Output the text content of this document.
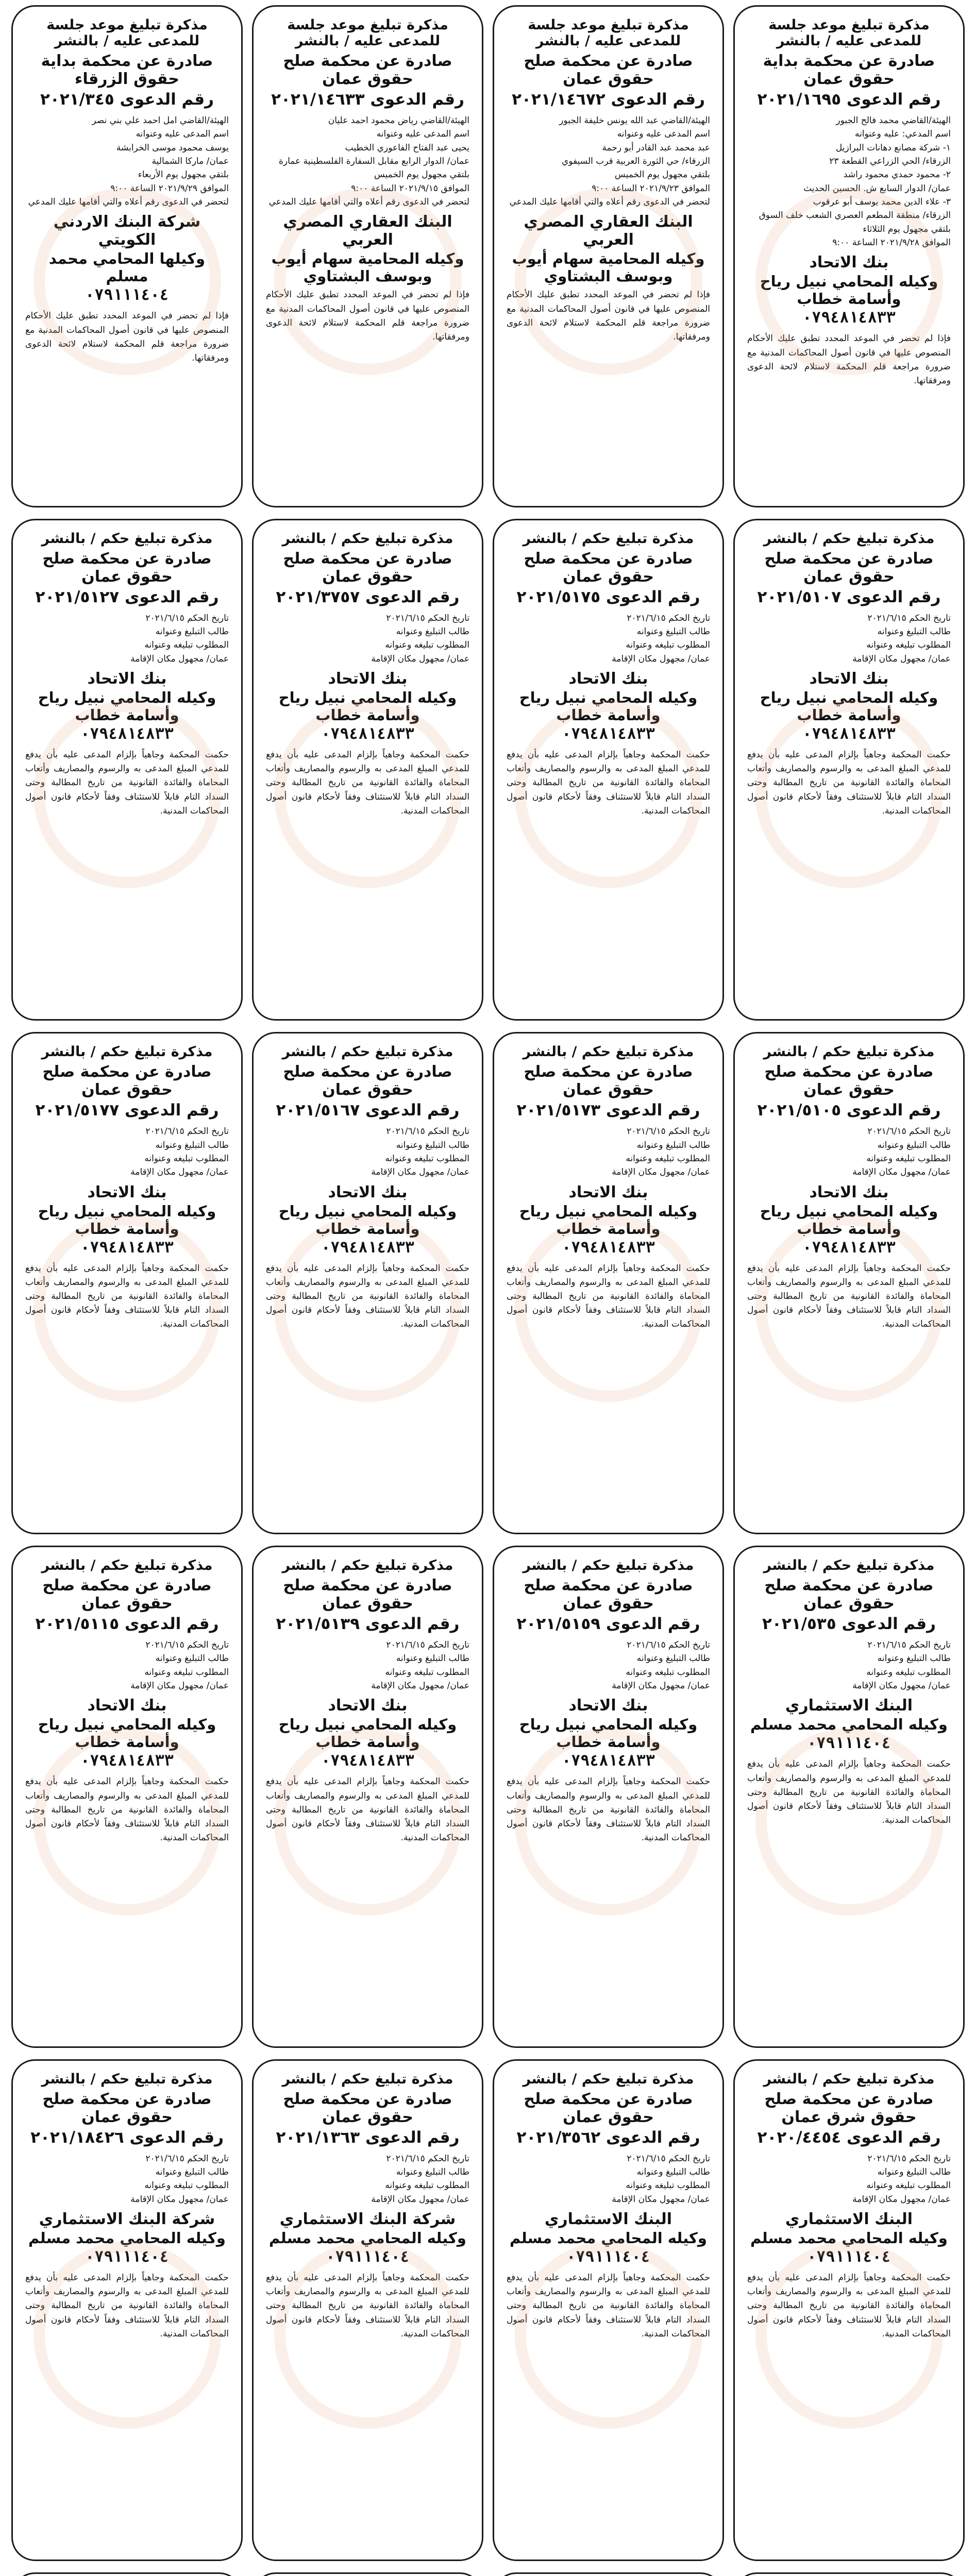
مذكرة تبليغ موعد جلسة للمدعى عليه / بالنشر
صادرة عن محكمة بداية حقوق عمان
رقم الدعوى ٢٠٢١/١٦٩٥

الهيئة/القاضي محمد فالح الجبور

اسم المدعي: عليه وعنوانه

١- شركة مصانع دهانات البرازيل

الزرقاء/ الحي الزراعي القطعة ٢٣

٢- محمود حمدي محمود راشد

عمان/ الدوار السابع ش. الحسين الحديث

٣- علاء الدين محمد يوسف أبو عرقوب

الزرقاء/ منطقة المطعم العصري الشعب خلف السوق

بلتقي مجهول يوم الثلاثاء

الموافق ٢٠٢١/٩/٢٨ الساعة ٩:٠٠

بنك الاتحاد
وكيله المحامي نبيل رياح وأسامة خطاب
٠٧٩٤٨١٤٨٣٣

فإذا لم تحضر في الموعد المحدد تطبق عليك الأحكام المنصوص عليها في قانون أصول المحاكمات المدنية مع ضرورة مراجعة قلم المحكمة لاستلام لائحة الدعوى ومرفقاتها.

مذكرة تبليغ موعد جلسة للمدعى عليه / بالنشر
صادرة عن محكمة صلح حقوق عمان
رقم الدعوى ٢٠٢١/١٤٦٧٢

الهيئة/القاضي عبد الله يونس خليفة الجبور

اسم المدعى عليه وعنوانه

عبد محمد عبد القادر أبو رحمة

الزرقاء/ حي الثورة العربية قرب السيفوي

بلتقي مجهول يوم الخميس

الموافق ٢٠٢١/٩/٢٣ الساعة ٩:٠٠

لتحضر في الدعوى رقم أعلاه والتي أقامها عليك المدعي

البنك العقاري المصري العربي
وكيله المحامية سهام أيوب وبوسف البشتاوي

فإذا لم تحضر في الموعد المحدد تطبق عليك الأحكام المنصوص عليها في قانون أصول المحاكمات المدنية مع ضرورة مراجعة قلم المحكمة لاستلام لائحة الدعوى ومرفقاتها.

مذكرة تبليغ موعد جلسة للمدعى عليه / بالنشر
صادرة عن محكمة صلح حقوق عمان
رقم الدعوى ٢٠٢١/١٤٦٣٣

الهيئة/القاضي رياض محمود احمد عليان

اسم المدعى عليه وعنوانه

يحيى عبد الفتاح الفاعوري الخطيب

عمان/ الدوار الرابع مقابل السفارة الفلسطينية عمارة

بلتقي مجهول يوم الخميس

الموافق ٢٠٢١/٩/١٥ الساعة ٩:٠٠

لتحضر في الدعوى رقم أعلاه والتي أقامها عليك المدعي

البنك العقاري المصري العربي
وكيله المحامية سهام أيوب وبوسف البشتاوي

فإذا لم تحضر في الموعد المحدد تطبق عليك الأحكام المنصوص عليها في قانون أصول المحاكمات المدنية مع ضرورة مراجعة قلم المحكمة لاستلام لائحة الدعوى ومرفقاتها.

مذكرة تبليغ موعد جلسة للمدعى عليه / بالنشر
صادرة عن محكمة بداية حقوق الزرقاء
رقم الدعوى ٢٠٢١/٣٤٥

الهيئة/القاضي امل احمد علي بني نصر

اسم المدعى عليه وعنوانه

يوسف محمود موسى الخرابشة

عمان/ ماركا الشمالية

بلتقي مجهول يوم الأربعاء

الموافق ٢٠٢١/٩/٢٩ الساعة ٩:٠٠

لتحضر في الدعوى رقم أعلاه والتي أقامها عليك المدعي

شركة البنك الاردني الكويتي
وكيلها المحامي محمد مسلم
٠٧٩١١١٤٠٤

فإذا لم تحضر في الموعد المحدد تطبق عليك الأحكام المنصوص عليها في قانون أصول المحاكمات المدنية مع ضرورة مراجعة قلم المحكمة لاستلام لائحة الدعوى ومرفقاتها.

مذكرة تبليغ حكم / بالنشر
صادرة عن محكمة صلح حقوق عمان
رقم الدعوى ٢٠٢١/٥١٠٧

تاريخ الحكم ٢٠٢١/٦/١٥

طالب التبليغ وعنوانه

المطلوب تبليغه وعنوانه

عمان/ مجهول مكان الإقامة

بنك الاتحاد
وكيله المحامي نبيل رياح وأسامة خطاب
٠٧٩٤٨١٤٨٣٣

حكمت المحكمة وجاهياً بإلزام المدعى عليه بأن يدفع للمدعي المبلغ المدعى به والرسوم والمصاريف وأتعاب المحاماة والفائدة القانونية من تاريخ المطالبة وحتى السداد التام قابلاً للاستئناف وفقاً لأحكام قانون أصول المحاكمات المدنية.

مذكرة تبليغ حكم / بالنشر
صادرة عن محكمة صلح حقوق عمان
رقم الدعوى ٢٠٢١/٥١٧٥

تاريخ الحكم ٢٠٢١/٦/١٥

طالب التبليغ وعنوانه

المطلوب تبليغه وعنوانه

عمان/ مجهول مكان الإقامة

بنك الاتحاد
وكيله المحامي نبيل رياح وأسامة خطاب
٠٧٩٤٨١٤٨٣٣

حكمت المحكمة وجاهياً بإلزام المدعى عليه بأن يدفع للمدعي المبلغ المدعى به والرسوم والمصاريف وأتعاب المحاماة والفائدة القانونية من تاريخ المطالبة وحتى السداد التام قابلاً للاستئناف وفقاً لأحكام قانون أصول المحاكمات المدنية.

مذكرة تبليغ حكم / بالنشر
صادرة عن محكمة صلح حقوق عمان
رقم الدعوى ٢٠٢١/٣٧٥٧

تاريخ الحكم ٢٠٢١/٦/١٥

طالب التبليغ وعنوانه

المطلوب تبليغه وعنوانه

عمان/ مجهول مكان الإقامة

بنك الاتحاد
وكيله المحامي نبيل رياح وأسامة خطاب
٠٧٩٤٨١٤٨٣٣

حكمت المحكمة وجاهياً بإلزام المدعى عليه بأن يدفع للمدعي المبلغ المدعى به والرسوم والمصاريف وأتعاب المحاماة والفائدة القانونية من تاريخ المطالبة وحتى السداد التام قابلاً للاستئناف وفقاً لأحكام قانون أصول المحاكمات المدنية.

مذكرة تبليغ حكم / بالنشر
صادرة عن محكمة صلح حقوق عمان
رقم الدعوى ٢٠٢١/٥١٢٧

تاريخ الحكم ٢٠٢١/٦/١٥

طالب التبليغ وعنوانه

المطلوب تبليغه وعنوانه

عمان/ مجهول مكان الإقامة

بنك الاتحاد
وكيله المحامي نبيل رياح وأسامة خطاب
٠٧٩٤٨١٤٨٣٣

حكمت المحكمة وجاهياً بإلزام المدعى عليه بأن يدفع للمدعي المبلغ المدعى به والرسوم والمصاريف وأتعاب المحاماة والفائدة القانونية من تاريخ المطالبة وحتى السداد التام قابلاً للاستئناف وفقاً لأحكام قانون أصول المحاكمات المدنية.

مذكرة تبليغ حكم / بالنشر
صادرة عن محكمة صلح حقوق عمان
رقم الدعوى ٢٠٢١/٥١٠٥

تاريخ الحكم ٢٠٢١/٦/١٥

طالب التبليغ وعنوانه

المطلوب تبليغه وعنوانه

عمان/ مجهول مكان الإقامة

بنك الاتحاد
وكيله المحامي نبيل رياح وأسامة خطاب
٠٧٩٤٨١٤٨٣٣

حكمت المحكمة وجاهياً بإلزام المدعى عليه بأن يدفع للمدعي المبلغ المدعى به والرسوم والمصاريف وأتعاب المحاماة والفائدة القانونية من تاريخ المطالبة وحتى السداد التام قابلاً للاستئناف وفقاً لأحكام قانون أصول المحاكمات المدنية.

مذكرة تبليغ حكم / بالنشر
صادرة عن محكمة صلح حقوق عمان
رقم الدعوى ٢٠٢١/٥١٧٣

تاريخ الحكم ٢٠٢١/٦/١٥

طالب التبليغ وعنوانه

المطلوب تبليغه وعنوانه

عمان/ مجهول مكان الإقامة

بنك الاتحاد
وكيله المحامي نبيل رياح وأسامة خطاب
٠٧٩٤٨١٤٨٣٣

حكمت المحكمة وجاهياً بإلزام المدعى عليه بأن يدفع للمدعي المبلغ المدعى به والرسوم والمصاريف وأتعاب المحاماة والفائدة القانونية من تاريخ المطالبة وحتى السداد التام قابلاً للاستئناف وفقاً لأحكام قانون أصول المحاكمات المدنية.

مذكرة تبليغ حكم / بالنشر
صادرة عن محكمة صلح حقوق عمان
رقم الدعوى ٢٠٢١/٥١٦٧

تاريخ الحكم ٢٠٢١/٦/١٥

طالب التبليغ وعنوانه

المطلوب تبليغه وعنوانه

عمان/ مجهول مكان الإقامة

بنك الاتحاد
وكيله المحامي نبيل رياح وأسامة خطاب
٠٧٩٤٨١٤٨٣٣

حكمت المحكمة وجاهياً بإلزام المدعى عليه بأن يدفع للمدعي المبلغ المدعى به والرسوم والمصاريف وأتعاب المحاماة والفائدة القانونية من تاريخ المطالبة وحتى السداد التام قابلاً للاستئناف وفقاً لأحكام قانون أصول المحاكمات المدنية.

مذكرة تبليغ حكم / بالنشر
صادرة عن محكمة صلح حقوق عمان
رقم الدعوى ٢٠٢١/٥١٧٧

تاريخ الحكم ٢٠٢١/٦/١٥

طالب التبليغ وعنوانه

المطلوب تبليغه وعنوانه

عمان/ مجهول مكان الإقامة

بنك الاتحاد
وكيله المحامي نبيل رياح وأسامة خطاب
٠٧٩٤٨١٤٨٣٣

حكمت المحكمة وجاهياً بإلزام المدعى عليه بأن يدفع للمدعي المبلغ المدعى به والرسوم والمصاريف وأتعاب المحاماة والفائدة القانونية من تاريخ المطالبة وحتى السداد التام قابلاً للاستئناف وفقاً لأحكام قانون أصول المحاكمات المدنية.

مذكرة تبليغ حكم / بالنشر
صادرة عن محكمة صلح حقوق عمان
رقم الدعوى ٢٠٢١/٥٣٥

تاريخ الحكم ٢٠٢١/٦/١٥

طالب التبليغ وعنوانه

المطلوب تبليغه وعنوانه

عمان/ مجهول مكان الإقامة

البنك الاستثماري
وكيله المحامي محمد مسلم
٠٧٩١١١٤٠٤

حكمت المحكمة وجاهياً بإلزام المدعى عليه بأن يدفع للمدعي المبلغ المدعى به والرسوم والمصاريف وأتعاب المحاماة والفائدة القانونية من تاريخ المطالبة وحتى السداد التام قابلاً للاستئناف وفقاً لأحكام قانون أصول المحاكمات المدنية.

مذكرة تبليغ حكم / بالنشر
صادرة عن محكمة صلح حقوق عمان
رقم الدعوى ٢٠٢١/٥١٥٩

تاريخ الحكم ٢٠٢١/٦/١٥

طالب التبليغ وعنوانه

المطلوب تبليغه وعنوانه

عمان/ مجهول مكان الإقامة

بنك الاتحاد
وكيله المحامي نبيل رياح وأسامة خطاب
٠٧٩٤٨١٤٨٣٣

حكمت المحكمة وجاهياً بإلزام المدعى عليه بأن يدفع للمدعي المبلغ المدعى به والرسوم والمصاريف وأتعاب المحاماة والفائدة القانونية من تاريخ المطالبة وحتى السداد التام قابلاً للاستئناف وفقاً لأحكام قانون أصول المحاكمات المدنية.

مذكرة تبليغ حكم / بالنشر
صادرة عن محكمة صلح حقوق عمان
رقم الدعوى ٢٠٢١/٥١٣٩

تاريخ الحكم ٢٠٢١/٦/١٥

طالب التبليغ وعنوانه

المطلوب تبليغه وعنوانه

عمان/ مجهول مكان الإقامة

بنك الاتحاد
وكيله المحامي نبيل رياح وأسامة خطاب
٠٧٩٤٨١٤٨٣٣

حكمت المحكمة وجاهياً بإلزام المدعى عليه بأن يدفع للمدعي المبلغ المدعى به والرسوم والمصاريف وأتعاب المحاماة والفائدة القانونية من تاريخ المطالبة وحتى السداد التام قابلاً للاستئناف وفقاً لأحكام قانون أصول المحاكمات المدنية.

مذكرة تبليغ حكم / بالنشر
صادرة عن محكمة صلح حقوق عمان
رقم الدعوى ٢٠٢١/٥١١٥

تاريخ الحكم ٢٠٢١/٦/١٥

طالب التبليغ وعنوانه

المطلوب تبليغه وعنوانه

عمان/ مجهول مكان الإقامة

بنك الاتحاد
وكيله المحامي نبيل رياح وأسامة خطاب
٠٧٩٤٨١٤٨٣٣

حكمت المحكمة وجاهياً بإلزام المدعى عليه بأن يدفع للمدعي المبلغ المدعى به والرسوم والمصاريف وأتعاب المحاماة والفائدة القانونية من تاريخ المطالبة وحتى السداد التام قابلاً للاستئناف وفقاً لأحكام قانون أصول المحاكمات المدنية.

مذكرة تبليغ حكم / بالنشر
صادرة عن محكمة صلح حقوق شرق عمان
رقم الدعوى ٢٠٢٠/٤٤٥٤

تاريخ الحكم ٢٠٢١/٦/١٥

طالب التبليغ وعنوانه

المطلوب تبليغه وعنوانه

عمان/ مجهول مكان الإقامة

البنك الاستثماري
وكيله المحامي محمد مسلم
٠٧٩١١١٤٠٤

حكمت المحكمة وجاهياً بإلزام المدعى عليه بأن يدفع للمدعي المبلغ المدعى به والرسوم والمصاريف وأتعاب المحاماة والفائدة القانونية من تاريخ المطالبة وحتى السداد التام قابلاً للاستئناف وفقاً لأحكام قانون أصول المحاكمات المدنية.

مذكرة تبليغ حكم / بالنشر
صادرة عن محكمة صلح حقوق عمان
رقم الدعوى ٢٠٢١/٣٥٦٢

تاريخ الحكم ٢٠٢١/٦/١٥

طالب التبليغ وعنوانه

المطلوب تبليغه وعنوانه

عمان/ مجهول مكان الإقامة

البنك الاستثماري
وكيله المحامي محمد مسلم
٠٧٩١١١٤٠٤

حكمت المحكمة وجاهياً بإلزام المدعى عليه بأن يدفع للمدعي المبلغ المدعى به والرسوم والمصاريف وأتعاب المحاماة والفائدة القانونية من تاريخ المطالبة وحتى السداد التام قابلاً للاستئناف وفقاً لأحكام قانون أصول المحاكمات المدنية.

مذكرة تبليغ حكم / بالنشر
صادرة عن محكمة صلح حقوق عمان
رقم الدعوى ٢٠٢١/١٣٦٣

تاريخ الحكم ٢٠٢١/٦/١٥

طالب التبليغ وعنوانه

المطلوب تبليغه وعنوانه

عمان/ مجهول مكان الإقامة

شركة البنك الاستثماري
وكيله المحامي محمد مسلم
٠٧٩١١١٤٠٤

حكمت المحكمة وجاهياً بإلزام المدعى عليه بأن يدفع للمدعي المبلغ المدعى به والرسوم والمصاريف وأتعاب المحاماة والفائدة القانونية من تاريخ المطالبة وحتى السداد التام قابلاً للاستئناف وفقاً لأحكام قانون أصول المحاكمات المدنية.

مذكرة تبليغ حكم / بالنشر
صادرة عن محكمة صلح حقوق عمان
رقم الدعوى ٢٠٢١/١٨٤٢٦

تاريخ الحكم ٢٠٢١/٦/١٥

طالب التبليغ وعنوانه

المطلوب تبليغه وعنوانه

عمان/ مجهول مكان الإقامة

شركة البنك الاستثماري
وكيله المحامي محمد مسلم
٠٧٩١١١٤٠٤

حكمت المحكمة وجاهياً بإلزام المدعى عليه بأن يدفع للمدعي المبلغ المدعى به والرسوم والمصاريف وأتعاب المحاماة والفائدة القانونية من تاريخ المطالبة وحتى السداد التام قابلاً للاستئناف وفقاً لأحكام قانون أصول المحاكمات المدنية.
